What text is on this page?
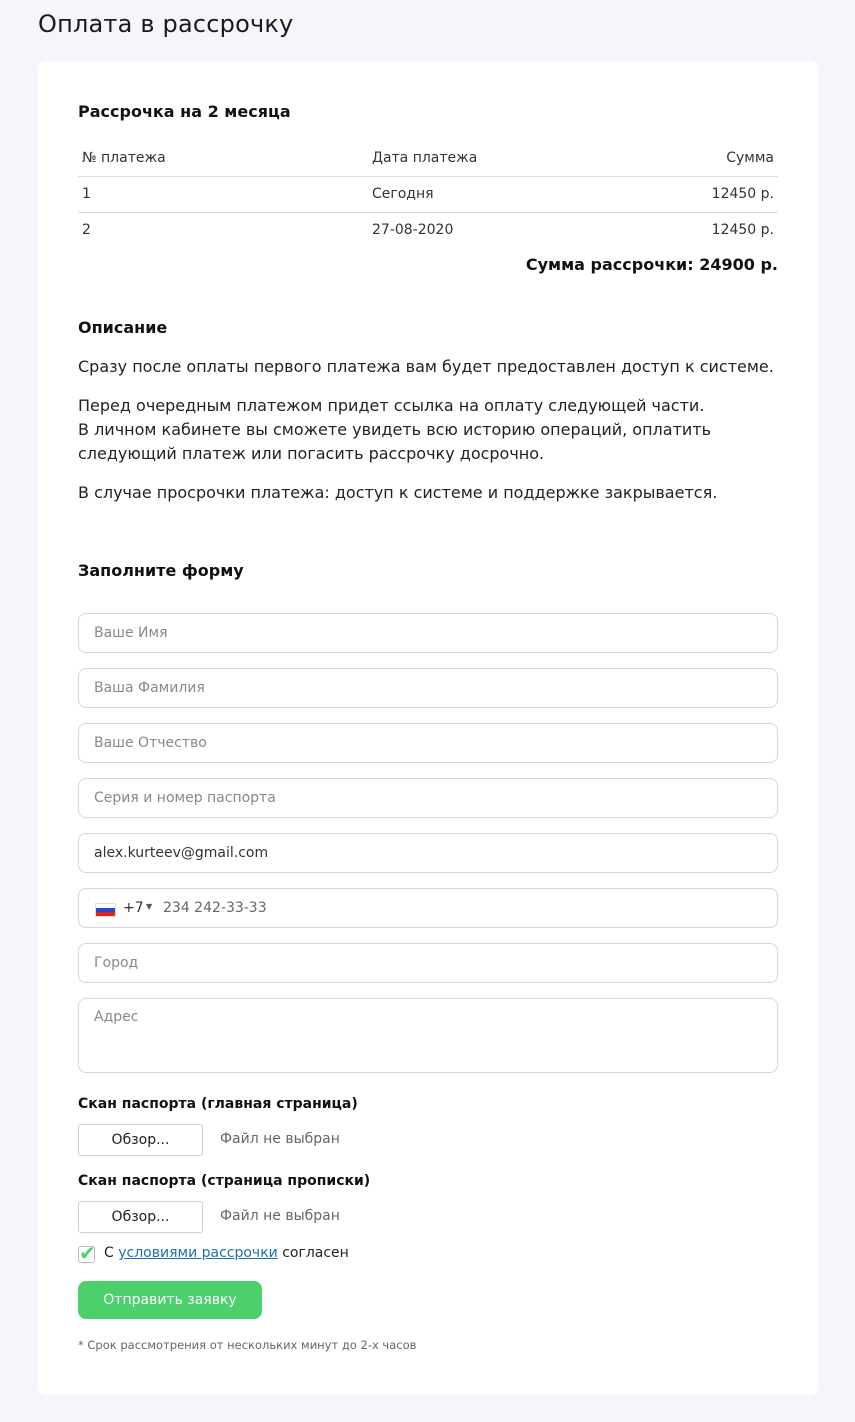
Оплата в рассрочку
Рассрочка на 2 месяца
№ платежа	Дата платежа	Сумма
1	Сегодня	12450 р.
2	27-08-2020	12450 р.
Сумма рассрочки: 24900 р.
Описание

Сразу после оплаты первого платежа вам будет предоставлен доступ к системе.

Перед очередным платежом придет ссылка на оплату следующей части.
В личном кабинете вы сможете увидеть всю историю операций, оплатить следующий платеж или погасить рассрочку досрочно.

В случае просрочки платежа: доступ к системе и поддержке закрывается.

Заполните форму
Ваше Имя
Ваша Фамилия
Ваше Отчество
Серия и номер паспорта
alex.kurteev@gmail.com
+7 ▼
234 242-33-33
Город
Адрес
Скан паспорта (главная страница)
Обзор...	Файл не выбран
Скан паспорта (страница прописки)
Обзор...	Файл не выбран
✔ С условиями рассрочки согласен
Отправить заявку
* Срок рассмотрения от нескольких минут до 2-х часов
